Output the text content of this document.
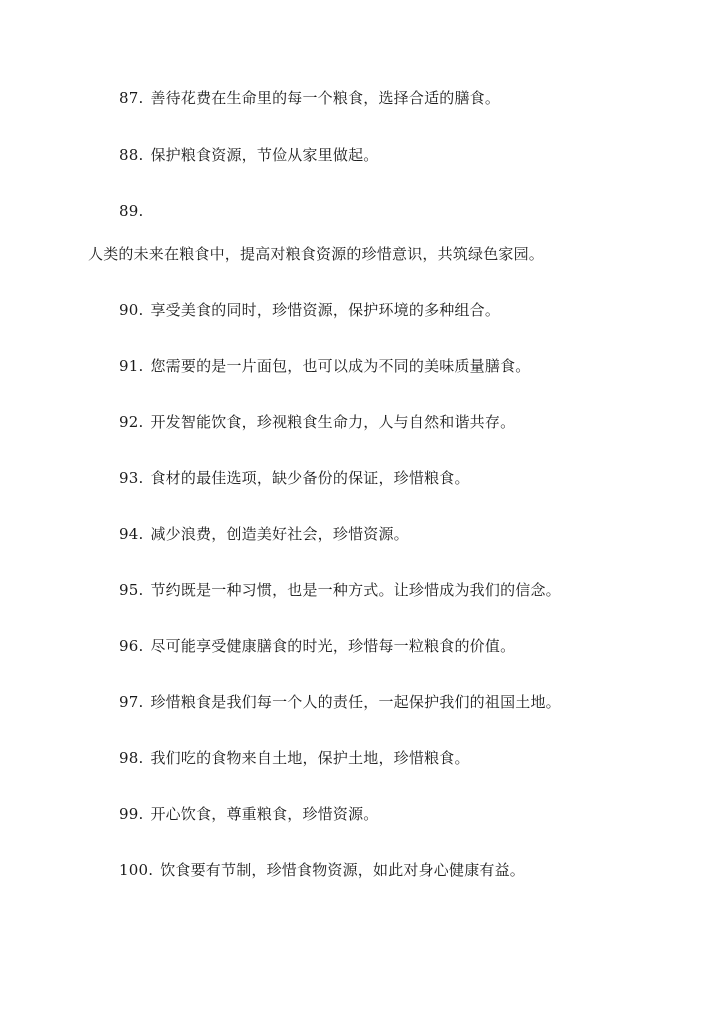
87. 善待花费在生命里的每一个粮食，选择合适的膳食。
88. 保护粮食资源，节俭从家里做起。
89.
人类的未来在粮食中，提高对粮食资源的珍惜意识，共筑绿色家园。
90. 享受美食的同时，珍惜资源，保护环境的多种组合。
91. 您需要的是一片面包，也可以成为不同的美味质量膳食。
92. 开发智能饮食，珍视粮食生命力，人与自然和谐共存。
93. 食材的最佳选项，缺少备份的保证，珍惜粮食。
94. 减少浪费，创造美好社会，珍惜资源。
95. 节约既是一种习惯，也是一种方式。让珍惜成为我们的信念。
96. 尽可能享受健康膳食的时光，珍惜每一粒粮食的价值。
97. 珍惜粮食是我们每一个人的责任，一起保护我们的祖国土地。
98. 我们吃的食物来自土地，保护土地，珍惜粮食。
99. 开心饮食，尊重粮食，珍惜资源。
100. 饮食要有节制，珍惜食物资源，如此对身心健康有益。
